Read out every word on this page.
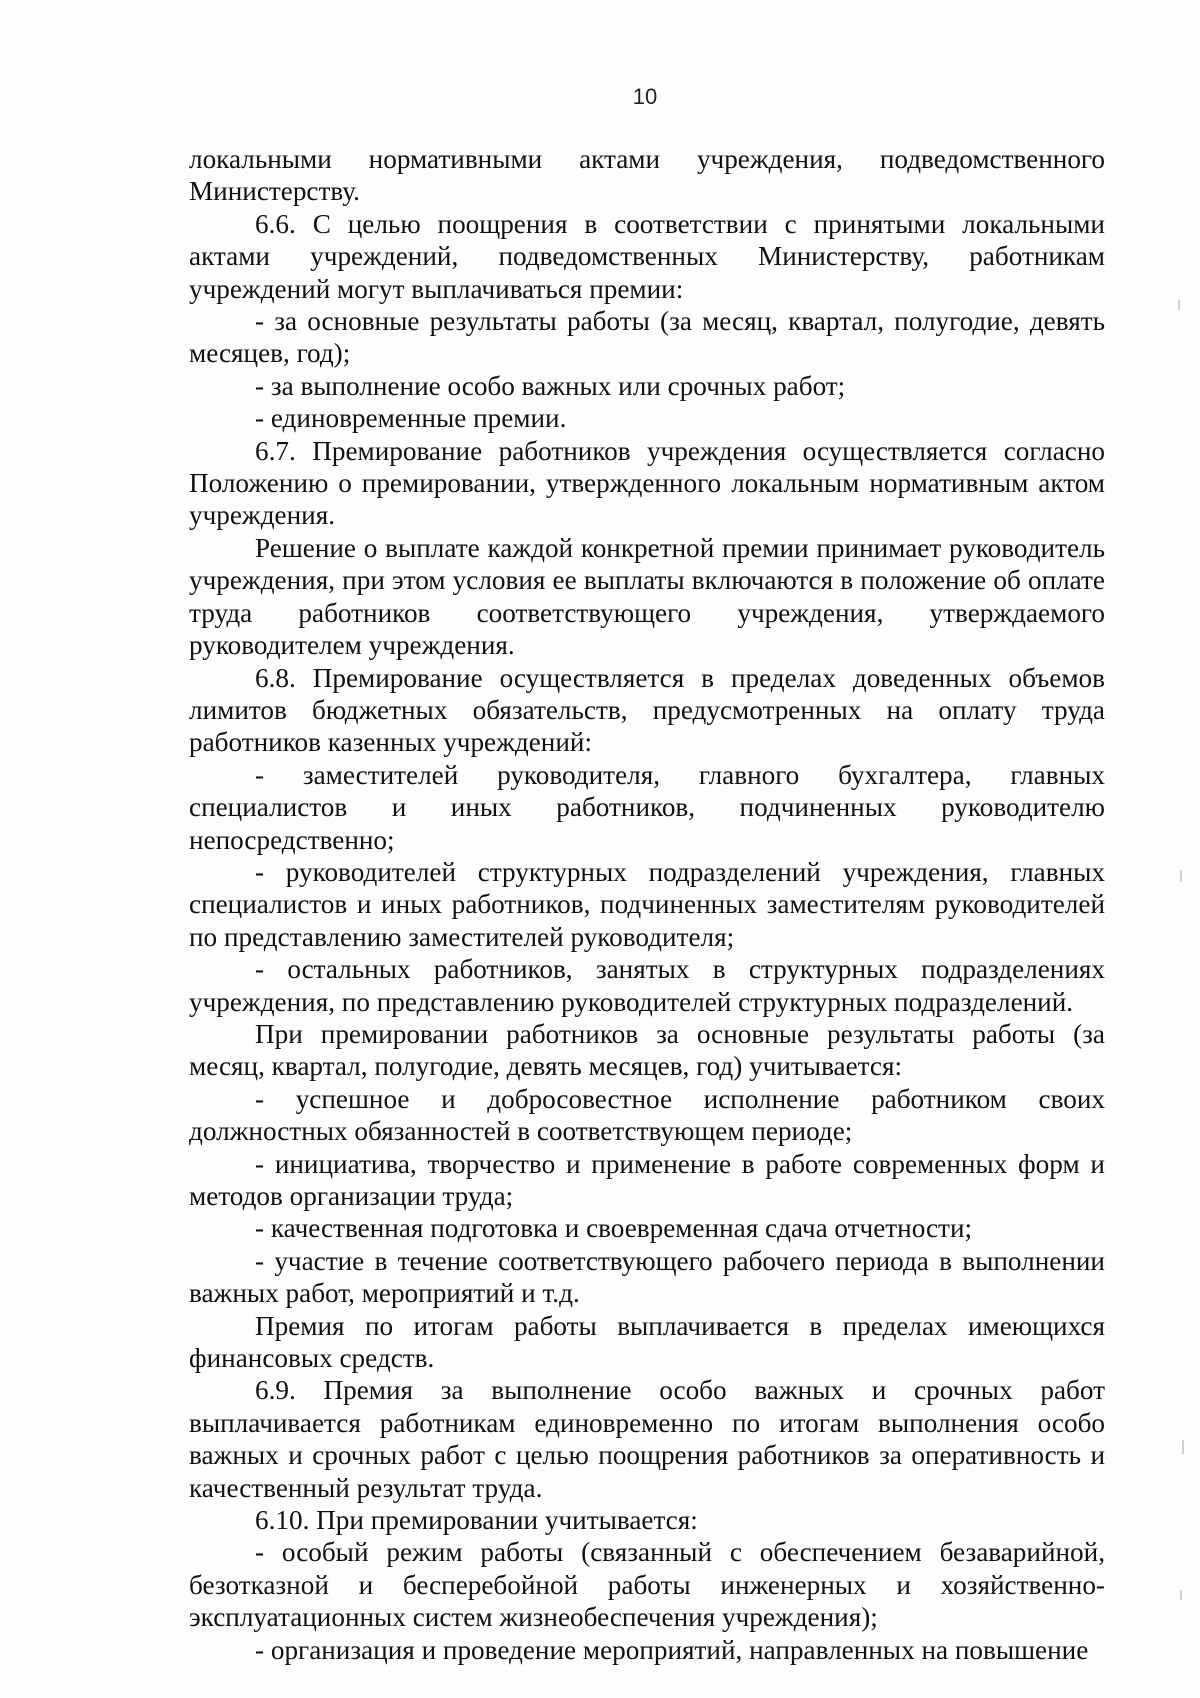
10

локальными нормативными актами учреждения, подведомственного Министерству.

6.6. С целью поощрения в соответствии с принятыми локальными актами учреждений, подведомственных Министерству, работникам учреждений могут выплачиваться премии:

- за основные результаты работы (за месяц, квартал, полугодие, девять месяцев, год);

- за выполнение особо важных или срочных работ;

- единовременные премии.

6.7. Премирование работников учреждения осуществляется согласно Положению о премировании, утвержденного локальным нормативным актом учреждения.

Решение о выплате каждой конкретной премии принимает руководитель учреждения, при этом условия ее выплаты включаются в положение об оплате труда работников соответствующего учреждения, утверждаемого руководителем учреждения.

6.8. Премирование осуществляется в пределах доведенных объемов лимитов бюджетных обязательств, предусмотренных на оплату труда работников казенных учреждений:

- заместителей руководителя, главного бухгалтера, главных специалистов и иных работников, подчиненных руководителю непосредственно;

- руководителей структурных подразделений учреждения, главных специалистов и иных работников, подчиненных заместителям руководителей по представлению заместителей руководителя;

- остальных работников, занятых в структурных подразделениях учреждения, по представлению руководителей структурных подразделений.

При премировании работников за основные результаты работы (за месяц, квартал, полугодие, девять месяцев, год) учитывается:

- успешное и добросовестное исполнение работником своих должностных обязанностей в соответствующем периоде;

- инициатива, творчество и применение в работе современных форм и методов организации труда;

- качественная подготовка и своевременная сдача отчетности;

- участие в течение соответствующего рабочего периода в выполнении важных работ, мероприятий и т.д.

Премия по итогам работы выплачивается в пределах имеющихся финансовых средств.

6.9. Премия за выполнение особо важных и срочных работ выплачивается работникам единовременно по итогам выполнения особо важных и срочных работ с целью поощрения работников за оперативность и качественный результат труда.

6.10. При премировании учитывается:

- особый режим работы (связанный с обеспечением безаварийной, безотказной и бесперебойной работы инженерных и хозяйственно-эксплуатационных систем жизнеобеспечения учреждения);

- организация и проведение мероприятий, направленных на повышение
